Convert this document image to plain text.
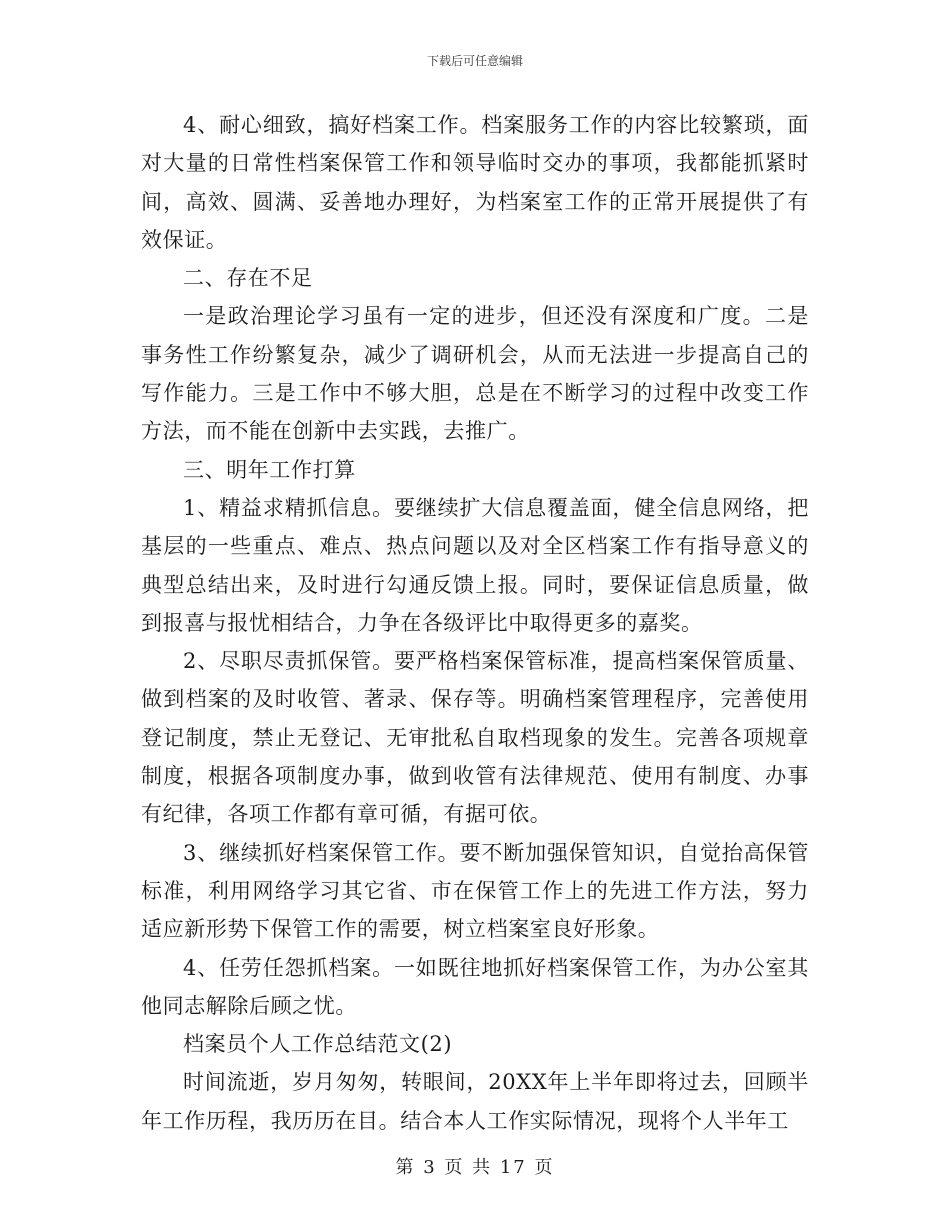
下载后可任意编辑

4、耐心细致，搞好档案工作。档案服务工作的内容比较繁琐，面对大量的日常性档案保管工作和领导临时交办的事项，我都能抓紧时间，高效、圆满、妥善地办理好，为档案室工作的正常开展提供了有效保证。

二、存在不足

一是政治理论学习虽有一定的进步，但还没有深度和广度。二是事务性工作纷繁复杂，减少了调研机会，从而无法进一步提高自己的写作能力。三是工作中不够大胆，总是在不断学习的过程中改变工作方法，而不能在创新中去实践，去推广。

三、明年工作打算

1、精益求精抓信息。要继续扩大信息覆盖面，健全信息网络，把基层的一些重点、难点、热点问题以及对全区档案工作有指导意义的典型总结出来，及时进行勾通反馈上报。同时，要保证信息质量，做到报喜与报忧相结合，力争在各级评比中取得更多的嘉奖。

2、尽职尽责抓保管。要严格档案保管标准，提高档案保管质量、做到档案的及时收管、著录、保存等。明确档案管理程序，完善使用登记制度，禁止无登记、无审批私自取档现象的发生。完善各项规章制度，根据各项制度办事，做到收管有法律规范、使用有制度、办事有纪律，各项工作都有章可循，有据可依。

3、继续抓好档案保管工作。要不断加强保管知识，自觉抬高保管标准，利用网络学习其它省、市在保管工作上的先进工作方法，努力适应新形势下保管工作的需要，树立档案室良好形象。

4、任劳任怨抓档案。一如既往地抓好档案保管工作，为办公室其他同志解除后顾之忧。

档案员个人工作总结范文(2)

时间流逝，岁月匆匆，转眼间，20XX年上半年即将过去，回顾半年工作历程，我历历在目。结合本人工作实际情况，现将个人半年工

第 3 页 共 17 页
